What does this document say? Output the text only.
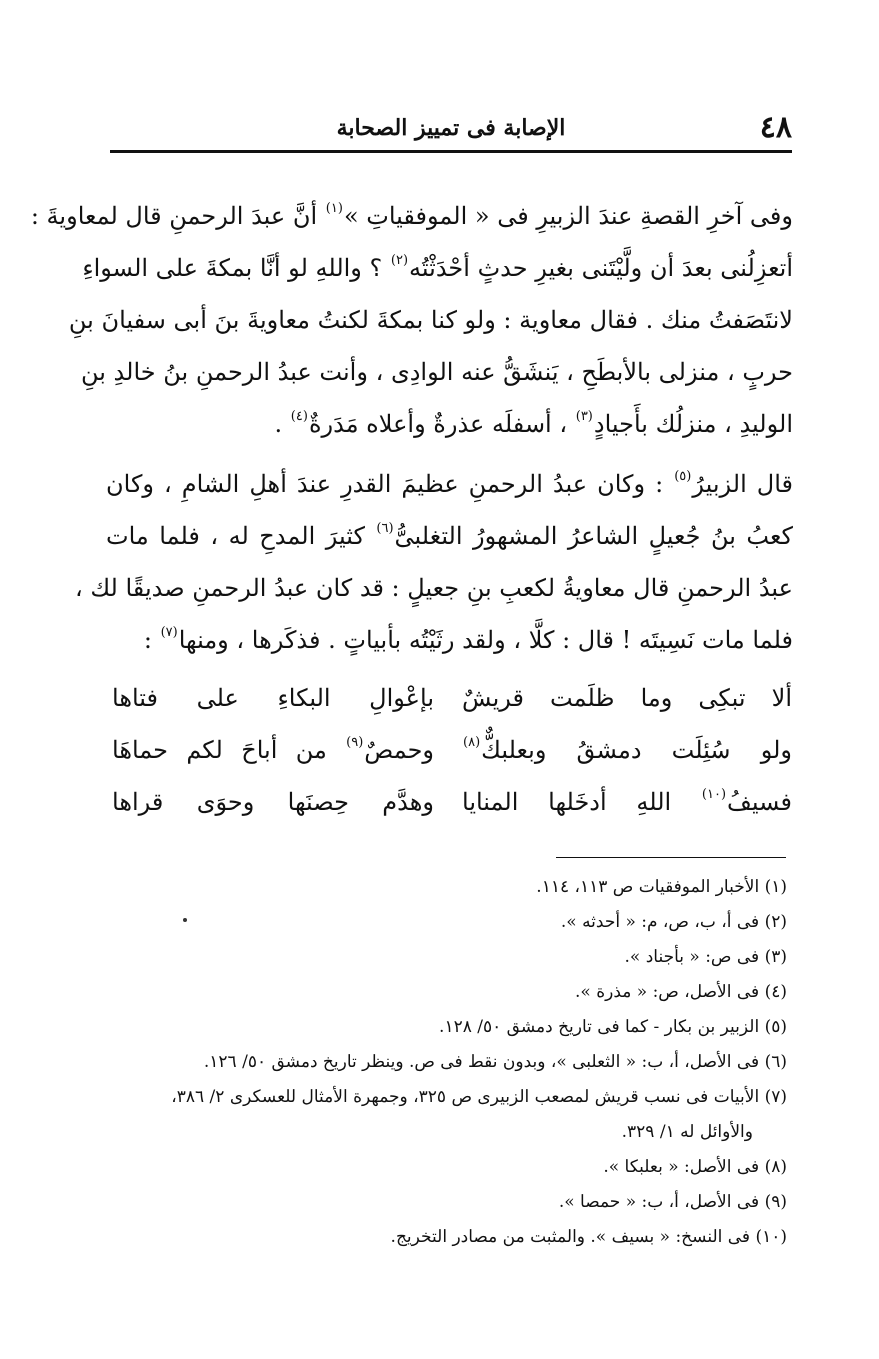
٤٨
الإصابة فى تمييز الصحابة
وفى آخرِ القصةِ عندَ الزبيرِ فى « الموفقياتِ »$^{(١)}$ أنَّ عبدَ الرحمنِ قال لمعاويةَ :
أتعزِلُنى بعدَ أن ولَّيْتَنى بغيرِ حدثٍ أحْدَثْتُه$^{(٢)}$ ؟ واللهِ لو أنَّا بمكةَ على السواءِ
لانتَصَفتُ منك . فقال معاوية : ولو كنا بمكةَ لكنتُ معاويةَ بنَ أبى سفيانَ بنِ
حربٍ ، منزلى بالأبطَحِ ، يَنشَقُّ عنه الوادِى ، وأنت عبدُ الرحمنِ بنُ خالدِ بنِ
الوليدِ ، منزلُك بأَجيادٍ$^{(٣)}$ ، أسفلَه عذرةٌ وأعلاه مَدَرةٌ$^{(٤)}$ .
قال الزبيرُ$^{(٥)}$ : وكان عبدُ الرحمنِ عظيمَ القدرِ عندَ أهلِ الشامِ ، وكان
كعبُ بنُ جُعيلٍ الشاعرُ المشهورُ التغلبىُّ$^{(٦)}$ كثيرَ المدحِ له ، فلما مات
عبدُ الرحمنِ قال معاويةُ لكعبِ بنِ جعيلٍ : قد كان عبدُ الرحمنِ صديقًا لك ،
فلما مات نَسِيتَه ! قال : كلَّا ، ولقد رثَيْتُه بأبياتٍ . فذكَرها ، ومنها$^{(٧)}$ :
ألا تبكِى وما ظلَمت قريشٌ
بإعْوالِ البكاءِ على فتاها
ولو سُئِلَت دمشقُ وبعلبكٌّ$^{(٨)}$
وحمصٌ$^{(٩)}$ من أباحَ لكم حماهَا
فسيفُ$^{(١٠)}$ اللهِ أدخَلها المنايا
وهدَّم حِصنَها وحوَى قراها
(١) الأخبار الموفقيات ص ١١٣، ١١٤.
(٢) فى أ، ب، ص، م: « أحدثه ».
(٣) فى ص: « بأجناد ».
(٤) فى الأصل، ص: « مذرة ».
(٥) الزبير بن بكار - كما فى تاريخ دمشق ٥٠/ ١٢٨.
(٦) فى الأصل، أ، ب: « الثعلبى »، وبدون نقط فى ص. وينظر تاريخ دمشق ٥٠/ ١٢٦.
(٧) الأبيات فى نسب قريش لمصعب الزبيرى ص ٣٢٥، وجمهرة الأمثال للعسكرى ٢/ ٣٨٦،
والأوائل له ١/ ٣٢٩.
(٨) فى الأصل: « بعلبكا ».
(٩) فى الأصل، أ، ب: « حمصا ».
(١٠) فى النسخ: « بسيف ». والمثبت من مصادر التخريج.
